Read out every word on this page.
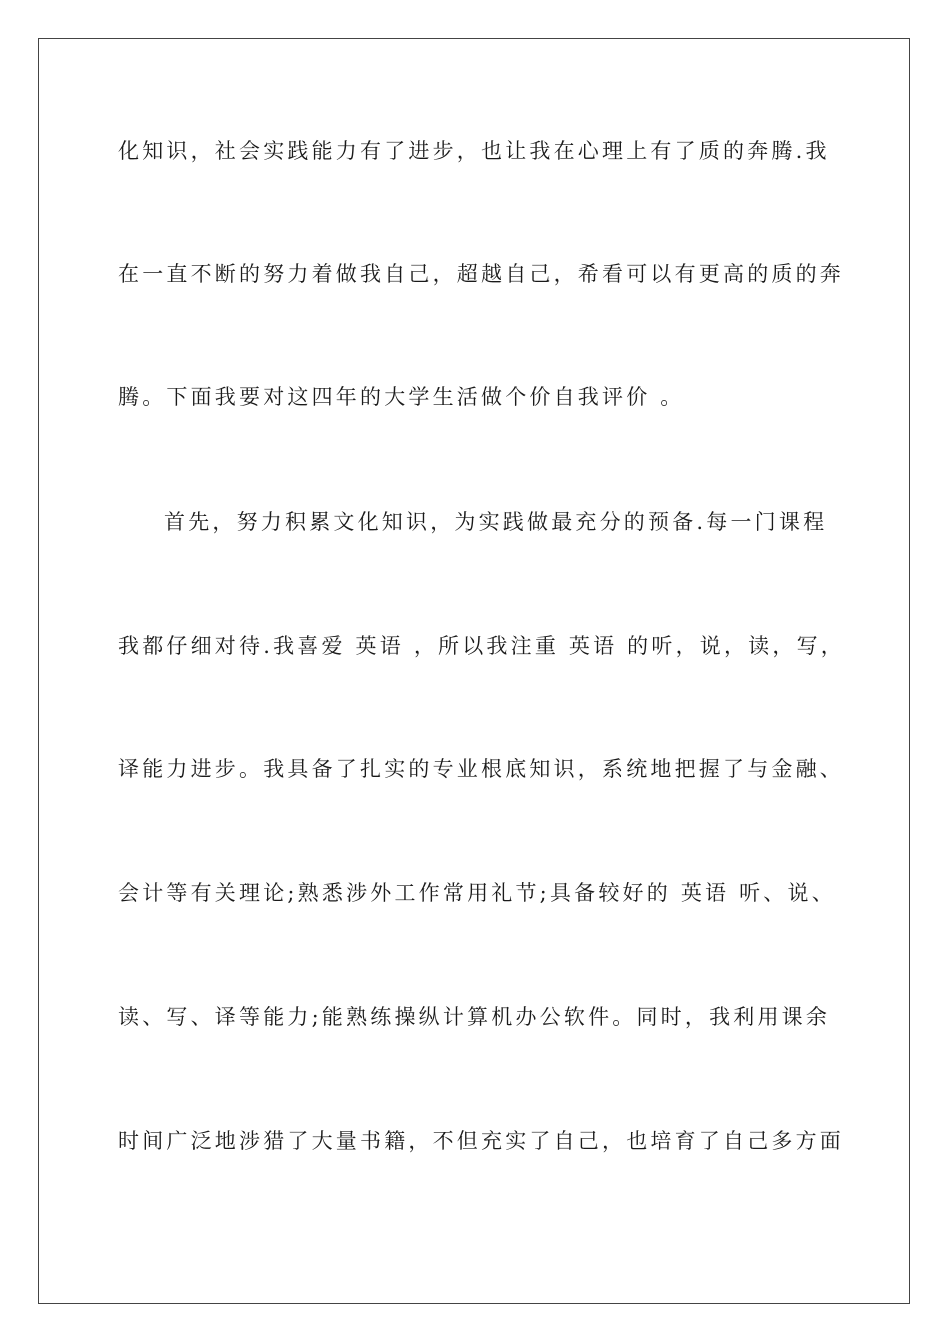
化知识，社会实践能力有了进步，也让我在心理上有了质的奔腾.我
在一直不断的努力着做我自己，超越自己，希看可以有更高的质的奔
腾。下面我要对这四年的大学生活做个价自我评价 。
首先，努力积累文化知识，为实践做最充分的预备.每一门课程
我都仔细对待.我喜爱 英语 ，所以我注重 英语 的听，说，读，写，
译能力进步。我具备了扎实的专业根底知识，系统地把握了与金融、
会计等有关理论;熟悉涉外工作常用礼节;具备较好的 英语 听、说、
读、写、译等能力;能熟练操纵计算机办公软件。同时，我利用课余
时间广泛地涉猎了大量书籍，不但充实了自己，也培育了自己多方面
